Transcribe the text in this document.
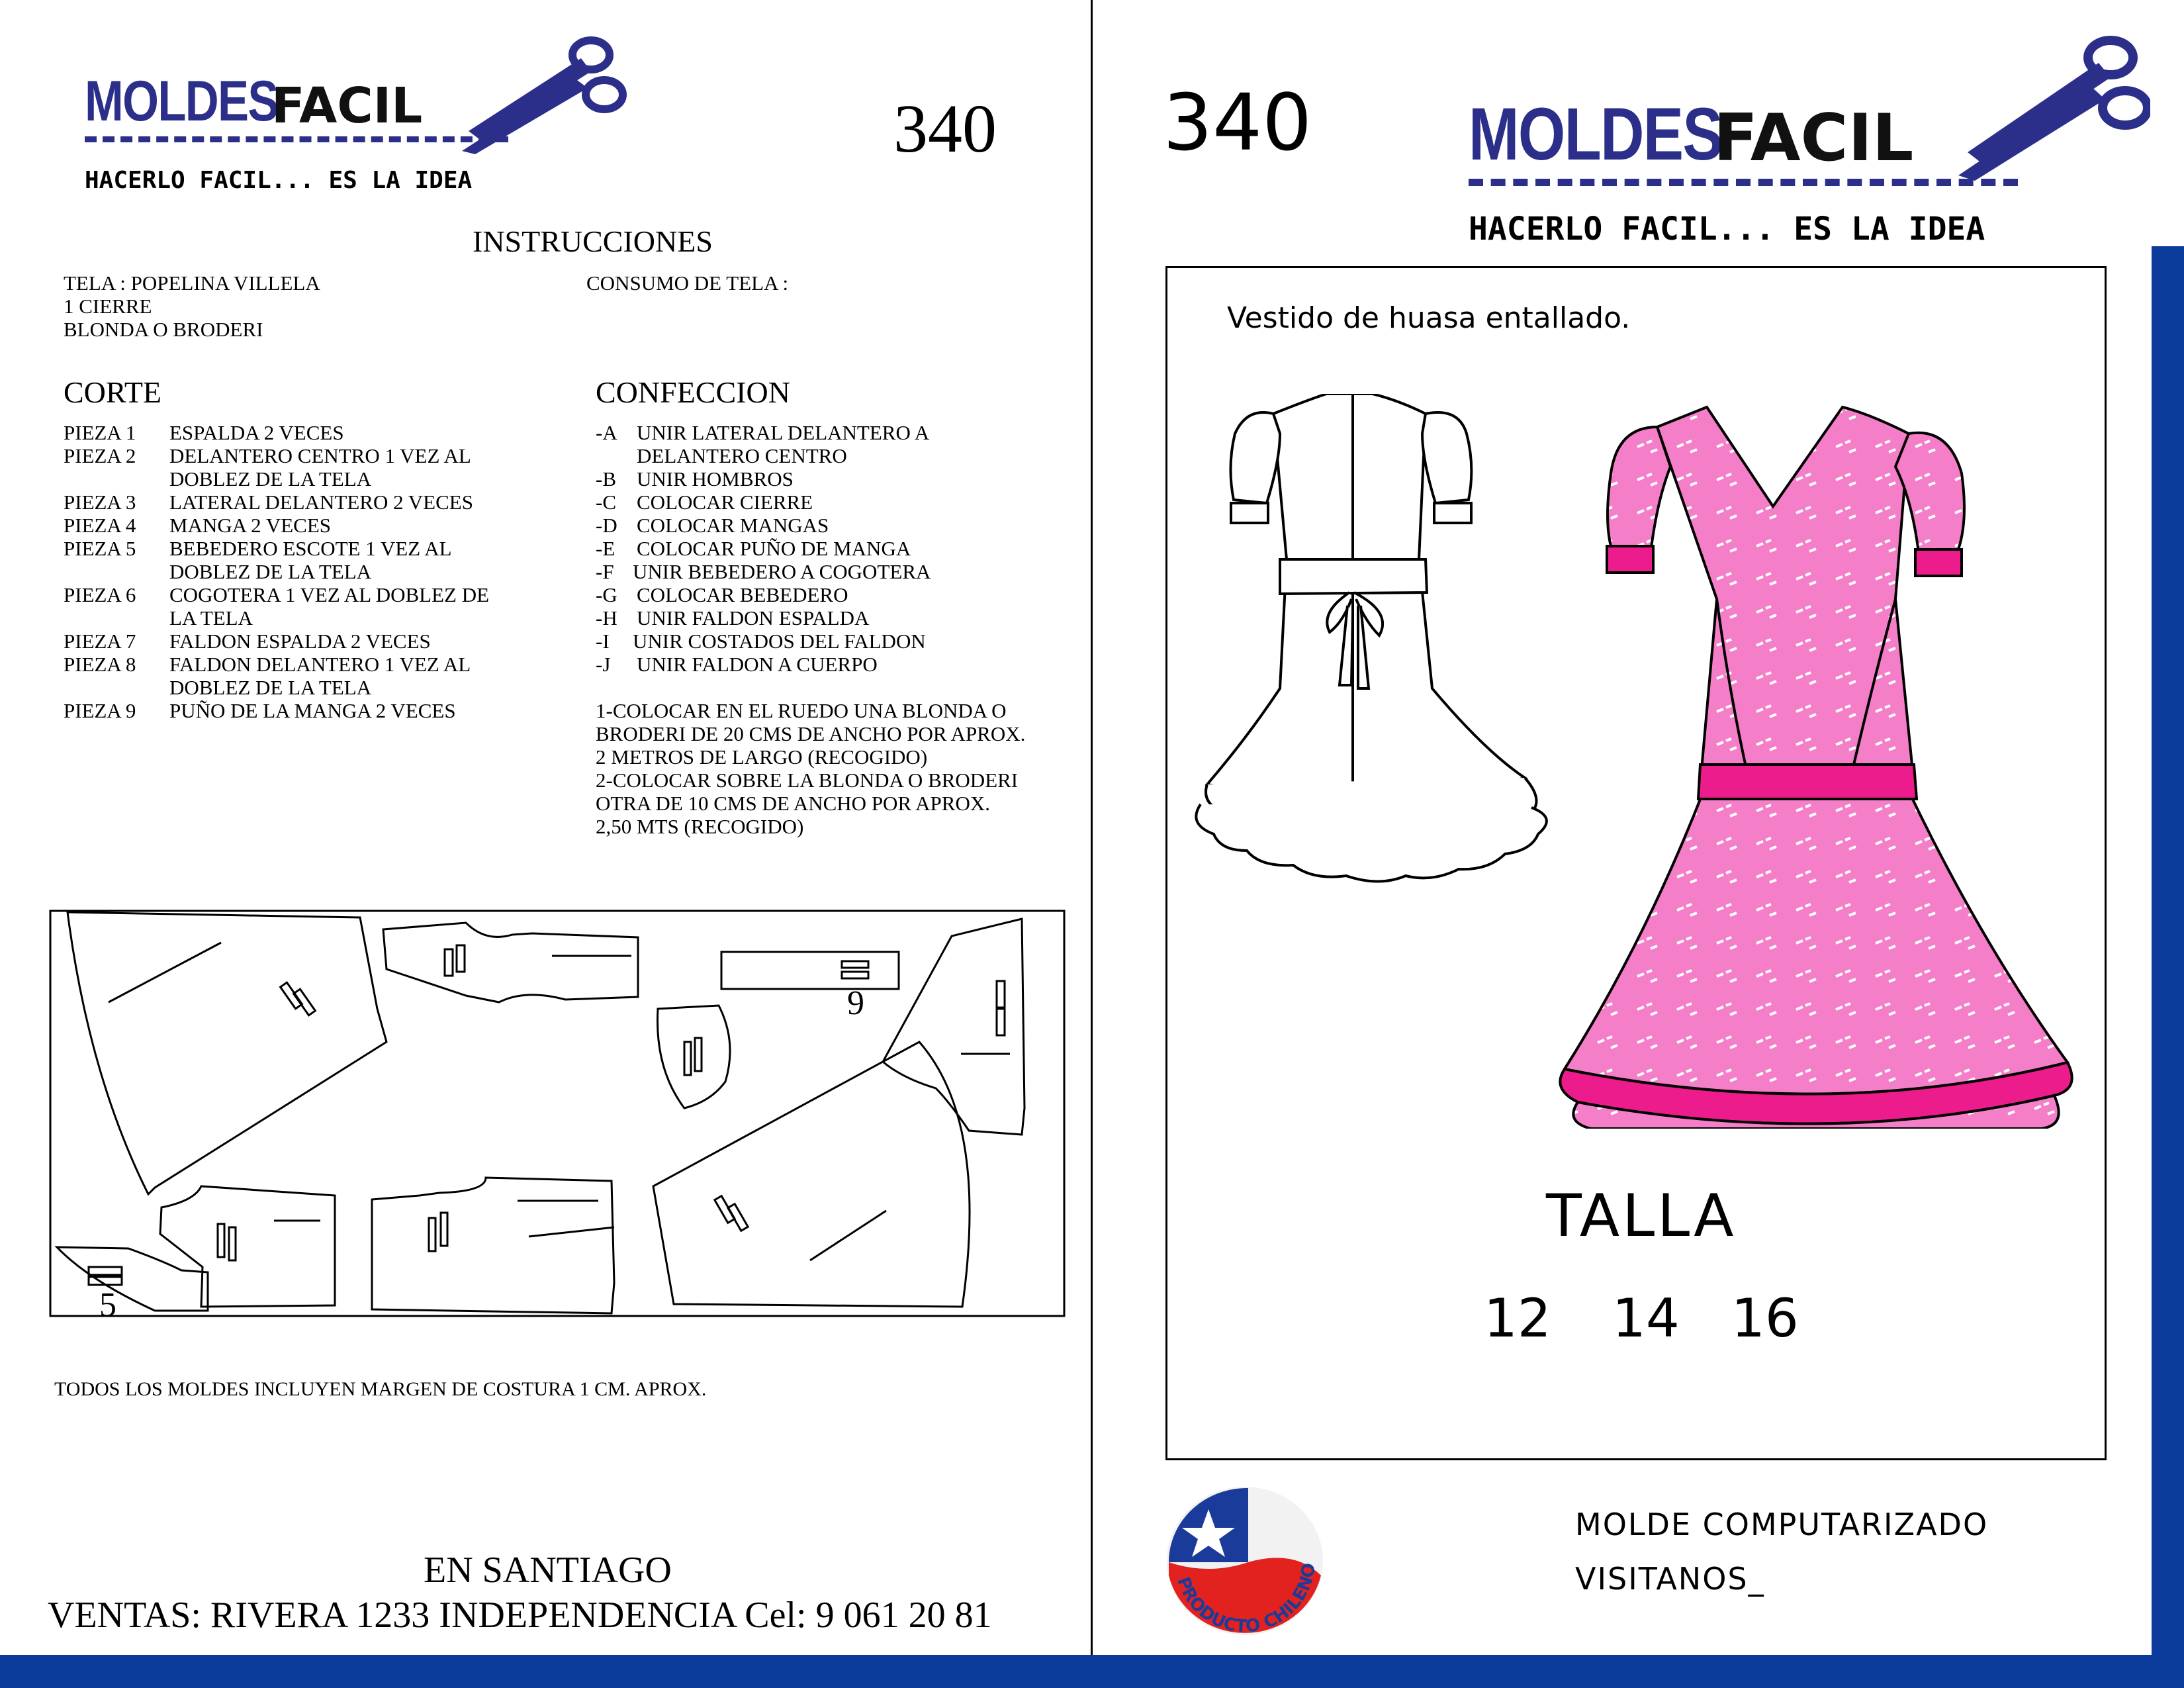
MOLDES
FACIL
HACERLO FACIL... ES LA IDEA
340
INSTRUCCIONES
TELA : POPELINA VILLELA
1 CIERRE
BLONDA O BRODERI
CONSUMO DE TELA :
CORTE
PIEZA 1	ESPALDA 2 VECES
PIEZA 2	DELANTERO CENTRO 1 VEZ AL
DOBLEZ DE LA TELA
PIEZA 3	LATERAL DELANTERO 2 VECES
PIEZA 4	MANGA 2 VECES
PIEZA 5	BEBEDERO ESCOTE 1 VEZ AL
DOBLEZ DE LA TELA
PIEZA 6	COGOTERA 1 VEZ AL DOBLEZ DE
LA TELA
PIEZA 7	FALDON ESPALDA 2 VECES
PIEZA 8	FALDON DELANTERO 1 VEZ AL
DOBLEZ DE LA TELA
PIEZA 9	PUÑO DE LA MANGA 2 VECES
CONFECCION
-A UNIR LATERAL DELANTERO A
DELANTERO CENTRO
-B	UNIR HOMBROS
-C	COLOCAR CIERRE
-D COLOCAR MANGAS
-E	COLOCAR PUÑO DE MANGA
-F UNIR BEBEDERO A COGOTERA
-G COLOCAR BEBEDERO
-H UNIR FALDON ESPALDA
-I	UNIR COSTADOS DEL FALDON
-J	UNIR FALDON A CUERPO
1-COLOCAR EN EL RUEDO UNA BLONDA O
BRODERI DE 20 CMS DE ANCHO POR APROX.
2 METROS DE LARGO (RECOGIDO)
2-COLOCAR SOBRE LA BLONDA O BRODERI
OTRA DE 10 CMS DE ANCHO POR APROX.
2,50 MTS (RECOGIDO)
9
5
TODOS LOS MOLDES INCLUYEN MARGEN DE COSTURA 1 CM. APROX.
EN SANTIAGO
VENTAS: RIVERA 1233 INDEPENDENCIA Cel: 9 061 20 81
340 MOLDES
FACIL
HACERLO FACIL... ES LA IDEA
Vestido de huasa entallado.
TALLA
12 14 16
PRODUCTO CHILENO
MOLDE COMPUTARIZADO
VISITANOS_
